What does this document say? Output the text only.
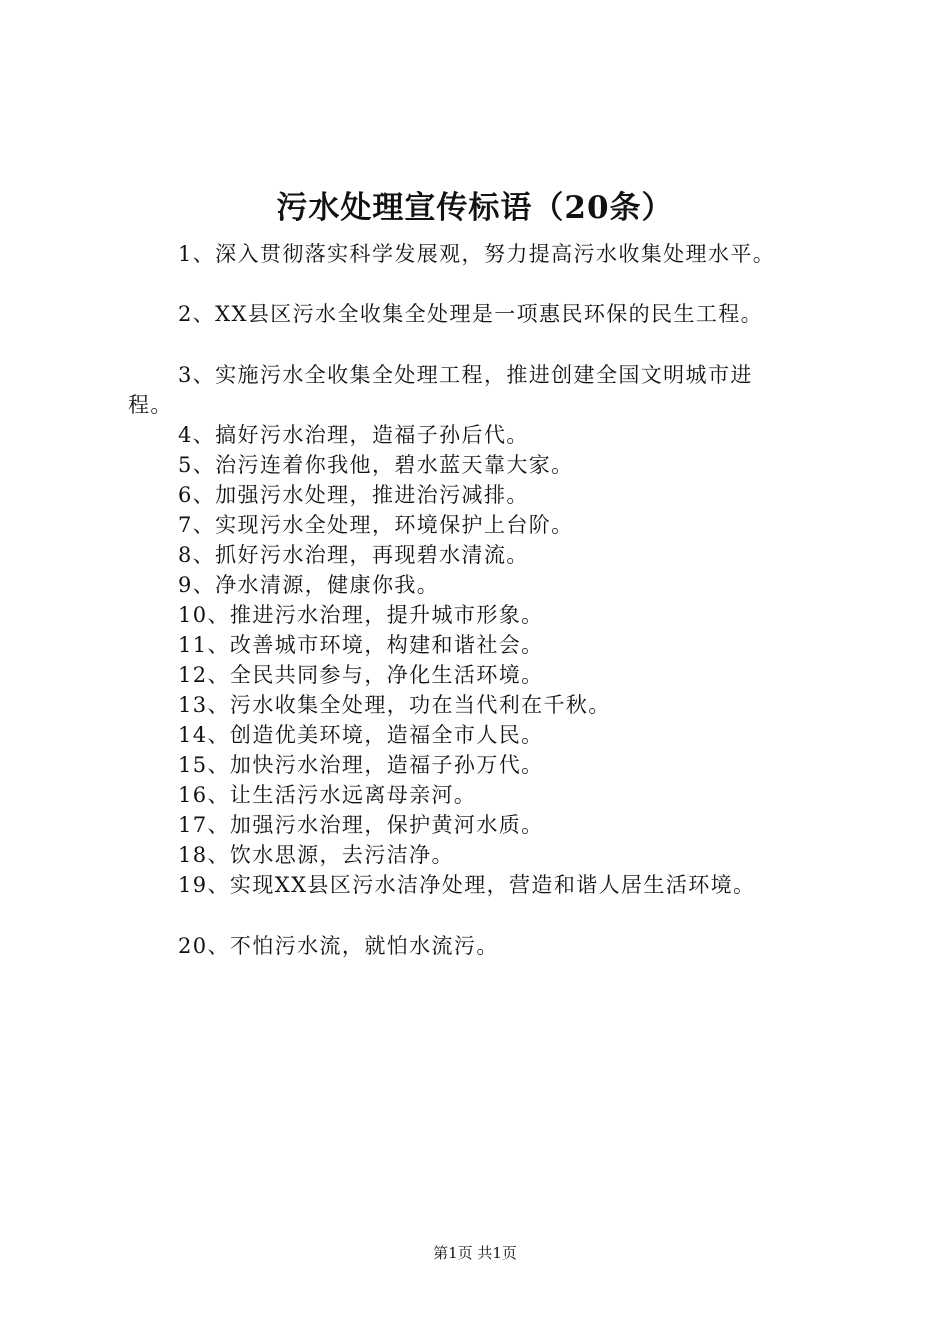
污水处理宣传标语（20条）
1、深入贯彻落实科学发展观，努力提高污水收集处理水平。
2、XX县区污水全收集全处理是一项惠民环保的民生工程。
3、实施污水全收集全处理工程，推进创建全国文明城市进
程。
4、搞好污水治理，造福子孙后代。
5、治污连着你我他，碧水蓝天靠大家。
6、加强污水处理，推进治污减排。
7、实现污水全处理，环境保护上台阶。
8、抓好污水治理，再现碧水清流。
9、净水清源，健康你我。
10、推进污水治理，提升城市形象。
11、改善城市环境，构建和谐社会。
12、全民共同参与，净化生活环境。
13、污水收集全处理，功在当代利在千秋。
14、创造优美环境，造福全市人民。
15、加快污水治理，造福子孙万代。
16、让生活污水远离母亲河。
17、加强污水治理，保护黄河水质。
18、饮水思源，去污洁净。
19、实现XX县区污水洁净处理，营造和谐人居生活环境。
20、不怕污水流，就怕水流污。
第1页 共1页
